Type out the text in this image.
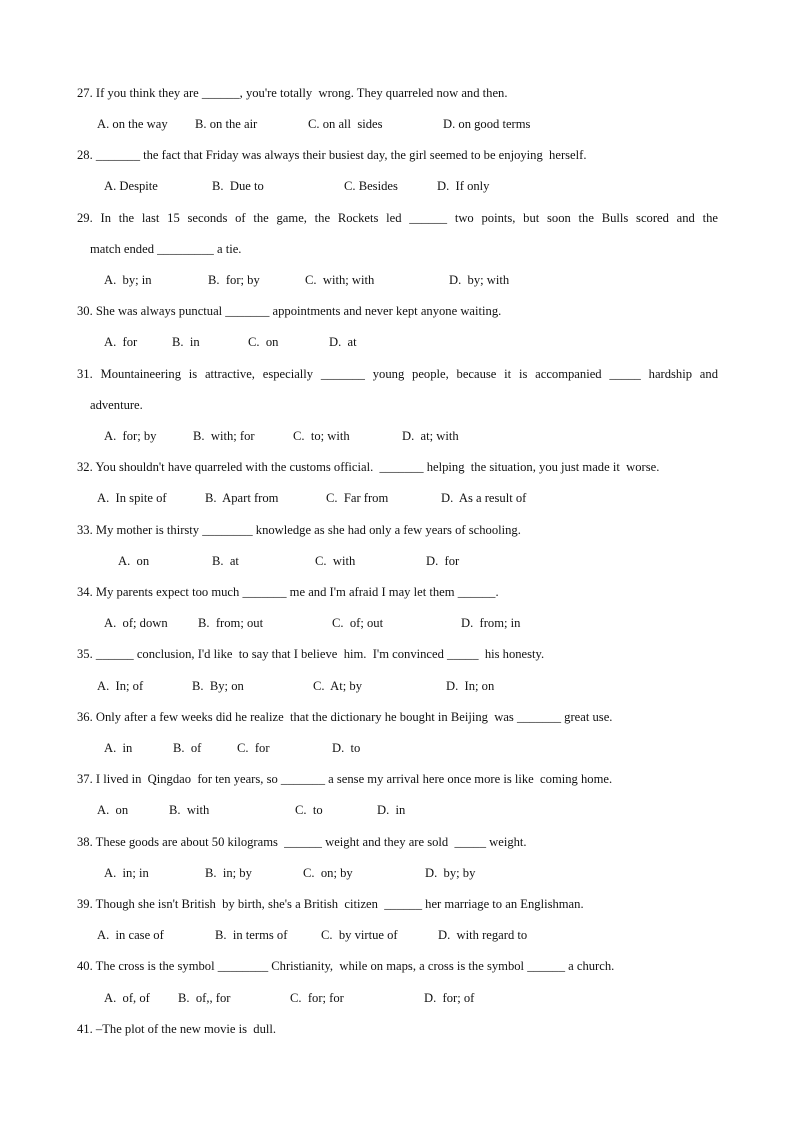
27. If you think they are ______, you're totally  wrong. They quarreled now and then.
A. on the way B. on the air	C. on all  sides	D. on good terms
28. _______ the fact that Friday was always their busiest day, the girl seemed to be enjoying  herself.
A. Despite	B.  Due to	C. Besides	D.  If only
29. In the last 15 seconds of the game, the Rockets led ______ two points, but soon the Bulls scored and the
match ended _________ a tie.
A.  by; in	B.  for; by	C.  with; with	D.  by; with
30. She was always punctual _______ appointments and never kept anyone waiting.
A.  for	B.  in	C.  on	D.  at
31. Mountaineering is attractive, especially _______ young people, because it is accompanied _____ hardship and
adventure.
A.  for; by	B.  with; for	C.  to; with	D.  at; with
32. You shouldn't have quarreled with the customs official.  _______ helping  the situation, you just made it  worse.
A.  In spite of	B.  Apart from	C.  Far from	D.  As a result of
33. My mother is thirsty ________ knowledge as she had only a few years of schooling.
A.  on	B.  at	C.  with	D.  for
34. My parents expect too much _______ me and I'm afraid I may let them ______.
A.  of; down B.  from; out	C.  of; out	D.  from; in
35. ______ conclusion, I'd like  to say that I believe  him.  I'm convinced _____  his honesty.
A.  In; of	B.  By; on	C.  At; by	D.  In; on
36. Only after a few weeks did he realize  that the dictionary he bought in Beijing  was _______ great use.
A.  in	B.  of	C.  for	D.  to
37. I lived in  Qingdao  for ten years, so _______ a sense my arrival here once more is like  coming home.
A.  on	B.  with	C.  to	D.  in
38. These goods are about 50 kilograms  ______ weight and they are sold  _____ weight.
A.  in; in	B.  in; by	C.  on; by	D.  by; by
39. Though she isn't British  by birth, she's a British  citizen  ______ her marriage to an Englishman.
A.  in case of	B.  in terms of	C.  by virtue of	D.  with regard to
40. The cross is the symbol ________ Christianity,  while on maps, a cross is the symbol ______ a church.
A.  of, of B.  of,, for	C.  for; for	D.  for; of
41. –The plot of the new movie is  dull.
